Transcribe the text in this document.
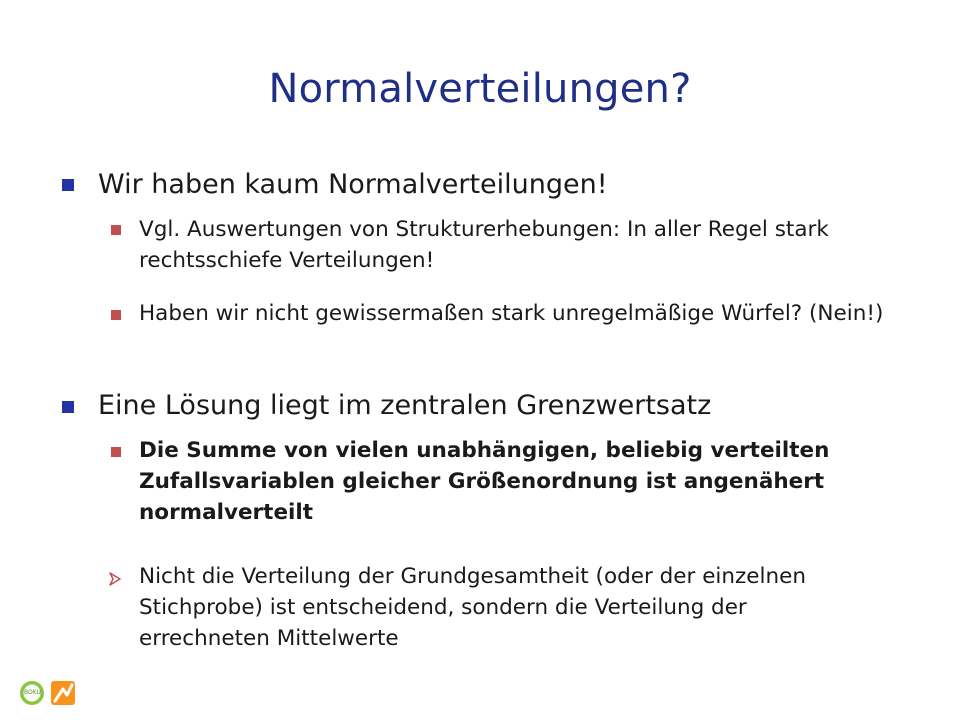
Normalverteilungen?
Wir haben kaum Normalverteilungen!
Vgl. Auswertungen von Strukturerhebungen: In aller Regel stark rechtsschiefe Verteilungen!
Haben wir nicht gewissermaßen stark unregelmäßige Würfel? (Nein!)
Eine Lösung liegt im zentralen Grenzwertsatz
Die Summe von vielen unabhängigen, beliebig verteilten Zufallsvariablen gleicher Größenordnung ist angenähert normalverteilt
Nicht die Verteilung der Grundgesamtheit (oder der einzelnen Stichprobe) ist entscheidend, sondern die Verteilung der errechneten Mittelwerte
BOKU
